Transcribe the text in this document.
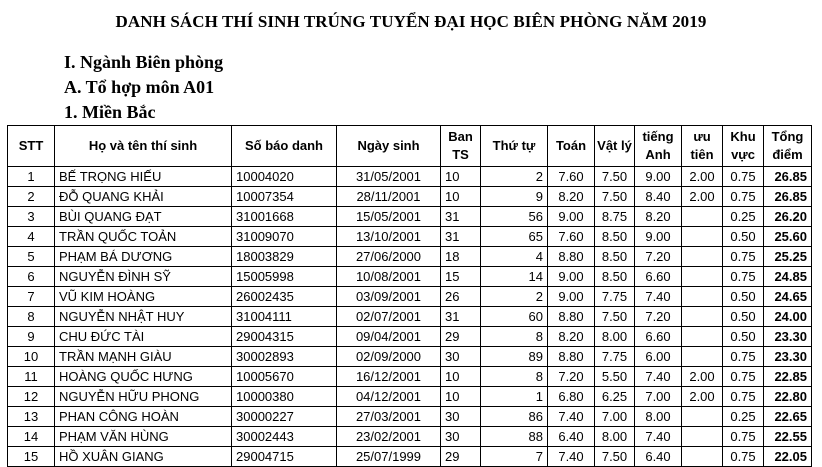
DANH SÁCH THÍ SINH TRÚNG TUYỂN ĐẠI HỌC BIÊN PHÒNG NĂM 2019
I. Ngành Biên phòng
A. Tổ hợp môn A01
1. Miền Bắc
STT	Họ và tên thí sinh	Số báo danh	Ngày sinh	Ban TS	Thứ tự	Toán	Vật lý	tiếng Anh	ưu tiên	Khu vực	Tổng điểm
1	BẾ TRỌNG HIẾU	10004020	31/05/2001	10	2	7.60	7.50	9.00	2.00	0.75	26.85
2	ĐỖ QUANG KHẢI	10007354	28/11/2001	10	9	8.20	7.50	8.40	2.00	0.75	26.85
3	BÙI QUANG ĐẠT	31001668	15/05/2001	31	56	9.00	8.75	8.20		0.25	26.20
4	TRẦN QUỐC TOẢN	31009070	13/10/2001	31	65	7.60	8.50	9.00		0.50	25.60
5	PHẠM BÁ DƯƠNG	18003829	27/06/2000	18	4	8.80	8.50	7.20		0.75	25.25
6	NGUYỄN ĐÌNH SỸ	15005998	10/08/2001	15	14	9.00	8.50	6.60		0.75	24.85
7	VŨ KIM HOÀNG	26002435	03/09/2001	26	2	9.00	7.75	7.40		0.50	24.65
8	NGUYỄN NHẬT HUY	31004111	02/07/2001	31	60	8.80	7.50	7.20		0.50	24.00
9	CHU ĐỨC TÀI	29004315	09/04/2001	29	8	8.20	8.00	6.60		0.50	23.30
10	TRẦN MẠNH GIÀU	30002893	02/09/2000	30	89	8.80	7.75	6.00		0.75	23.30
11	HOÀNG QUỐC HƯNG	10005670	16/12/2001	10	8	7.20	5.50	7.40	2.00	0.75	22.85
12	NGUYỄN HỮU PHONG	10000380	04/12/2001	10	1	6.80	6.25	7.00	2.00	0.75	22.80
13	PHAN CÔNG HOÀN	30000227	27/03/2001	30	86	7.40	7.00	8.00		0.25	22.65
14	PHẠM VĂN HÙNG	30002443	23/02/2001	30	88	6.40	8.00	7.40		0.75	22.55
15	HỒ XUÂN GIANG	29004715	25/07/1999	29	7	7.40	7.50	6.40		0.75	22.05
